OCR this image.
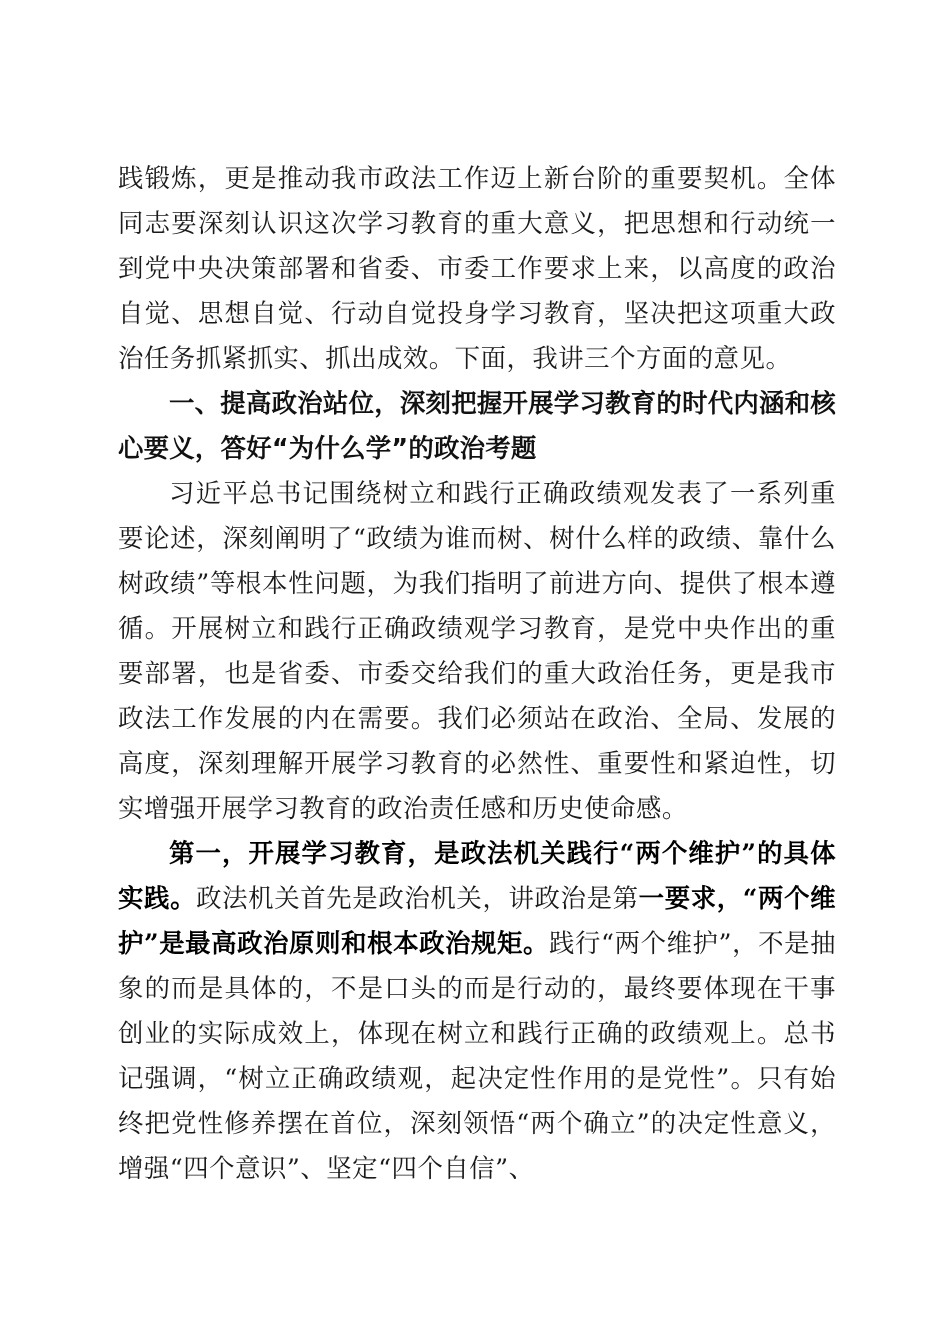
践锻炼，更是推动我市政法工作迈上新台阶的重要契机。全体同志要深刻认识这次学习教育的重大意义，把思想和行动统一到党中央决策部署和省委、市委工作要求上来，以高度的政治自觉、思想自觉、行动自觉投身学习教育，坚决把这项重大政治任务抓紧抓实、抓出成效。下面，我讲三个方面的意见。

一、提高政治站位，深刻把握开展学习教育的时代内涵和核心要义，答好“为什么学”的政治考题

习近平总书记围绕树立和践行正确政绩观发表了一系列重要论述，深刻阐明了“政绩为谁而树、树什么样的政绩、靠什么树政绩”等根本性问题，为我们指明了前进方向、提供了根本遵循。开展树立和践行正确政绩观学习教育，是党中央作出的重要部署，也是省委、市委交给我们的重大政治任务，更是我市政法工作发展的内在需要。我们必须站在政治、全局、发展的高度，深刻理解开展学习教育的必然性、重要性和紧迫性，切实增强开展学习教育的政治责任感和历史使命感。

第一，开展学习教育，是政法机关践行“两个维护”的具体实践。政法机关首先是政治机关，讲政治是第一要求，“两个维护”是最高政治原则和根本政治规矩。践行“两个维护”，不是抽象的而是具体的，不是口头的而是行动的，最终要体现在干事创业的实际成效上，体现在树立和践行正确的政绩观上。总书记强调，“树立正确政绩观，起决定性作用的是党性”。只有始终把党性修养摆在首位，深刻领悟“两个确立”的决定性意义，增强“四个意识”、坚定“四个自信”、
